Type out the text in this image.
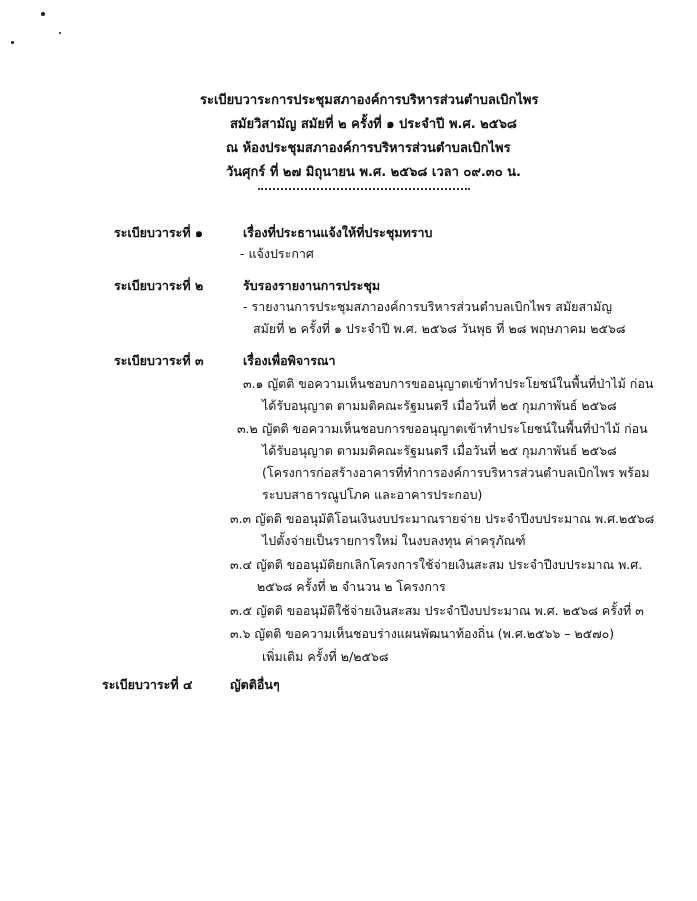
ระเบียบวาระการประชุมสภาองค์การบริหารส่วนตำบลเบิกไพร
สมัยวิสามัญ สมัยที่ ๒ ครั้งที่ ๑ ประจำปี พ.ศ. ๒๕๖๘
ณ ห้องประชุมสภาองค์การบริหารส่วนตำบลเบิกไพร
วันศุกร์ ที่ ๒๗ มิถุนายน พ.ศ. ๒๕๖๘ เวลา ๐๙.๓๐ น.
ระเบียบวาระที่ ๑	เรื่องที่ประธานแจ้งให้ที่ประชุมทราบ
- แจ้งประกาศ
ระเบียบวาระที่ ๒	รับรองรายงานการประชุม
- รายงานการประชุมสภาองค์การบริหารส่วนตำบลเบิกไพร สมัยสามัญ
สมัยที่ ๒ ครั้งที่ ๑ ประจำปี พ.ศ. ๒๕๖๘ วันพุธ ที่ ๒๘ พฤษภาคม ๒๕๖๘
ระเบียบวาระที่ ๓	เรื่องเพื่อพิจารณา
๓.๑ ญัตติ ขอความเห็นชอบการขออนุญาตเข้าทำประโยชน์ในพื้นที่ป่าไม้ ก่อน
ได้รับอนุญาต ตามมติคณะรัฐมนตรี เมื่อวันที่ ๒๕ กุมภาพันธ์ ๒๕๖๘
๓.๒ ญัตติ ขอความเห็นชอบการขออนุญาตเข้าทำประโยชน์ในพื้นที่ป่าไม้ ก่อน
ได้รับอนุญาต ตามมติคณะรัฐมนตรี เมื่อวันที่ ๒๕ กุมภาพันธ์ ๒๕๖๘
(โครงการก่อสร้างอาคารที่ทำการองค์การบริหารส่วนตำบลเบิกไพร พร้อม
ระบบสาธารณูปโภค และอาคารประกอบ)
๓.๓ ญัตติ ขออนุมัติโอนเงินงบประมาณรายจ่าย ประจำปีงบประมาณ พ.ศ.๒๕๖๘
ไปตั้งจ่ายเป็นรายการใหม่ ในงบลงทุน ค่าครุภัณฑ์
๓.๔ ญัตติ ขออนุมัติยกเลิกโครงการใช้จ่ายเงินสะสม ประจำปีงบประมาณ พ.ศ.
๒๕๖๘ ครั้งที่ ๒ จำนวน ๒ โครงการ
๓.๕ ญัตติ ขออนุมัติใช้จ่ายเงินสะสม ประจำปีงบประมาณ พ.ศ. ๒๕๖๘ ครั้งที่ ๓
๓.๖ ญัตติ ขอความเห็นชอบร่างแผนพัฒนาท้องถิ่น (พ.ศ.๒๕๖๖ – ๒๕๗๐)
เพิ่มเติม ครั้งที่ ๒/๒๕๖๘
ระเบียบวาระที่ ๔	ญัตติอื่นๆ
